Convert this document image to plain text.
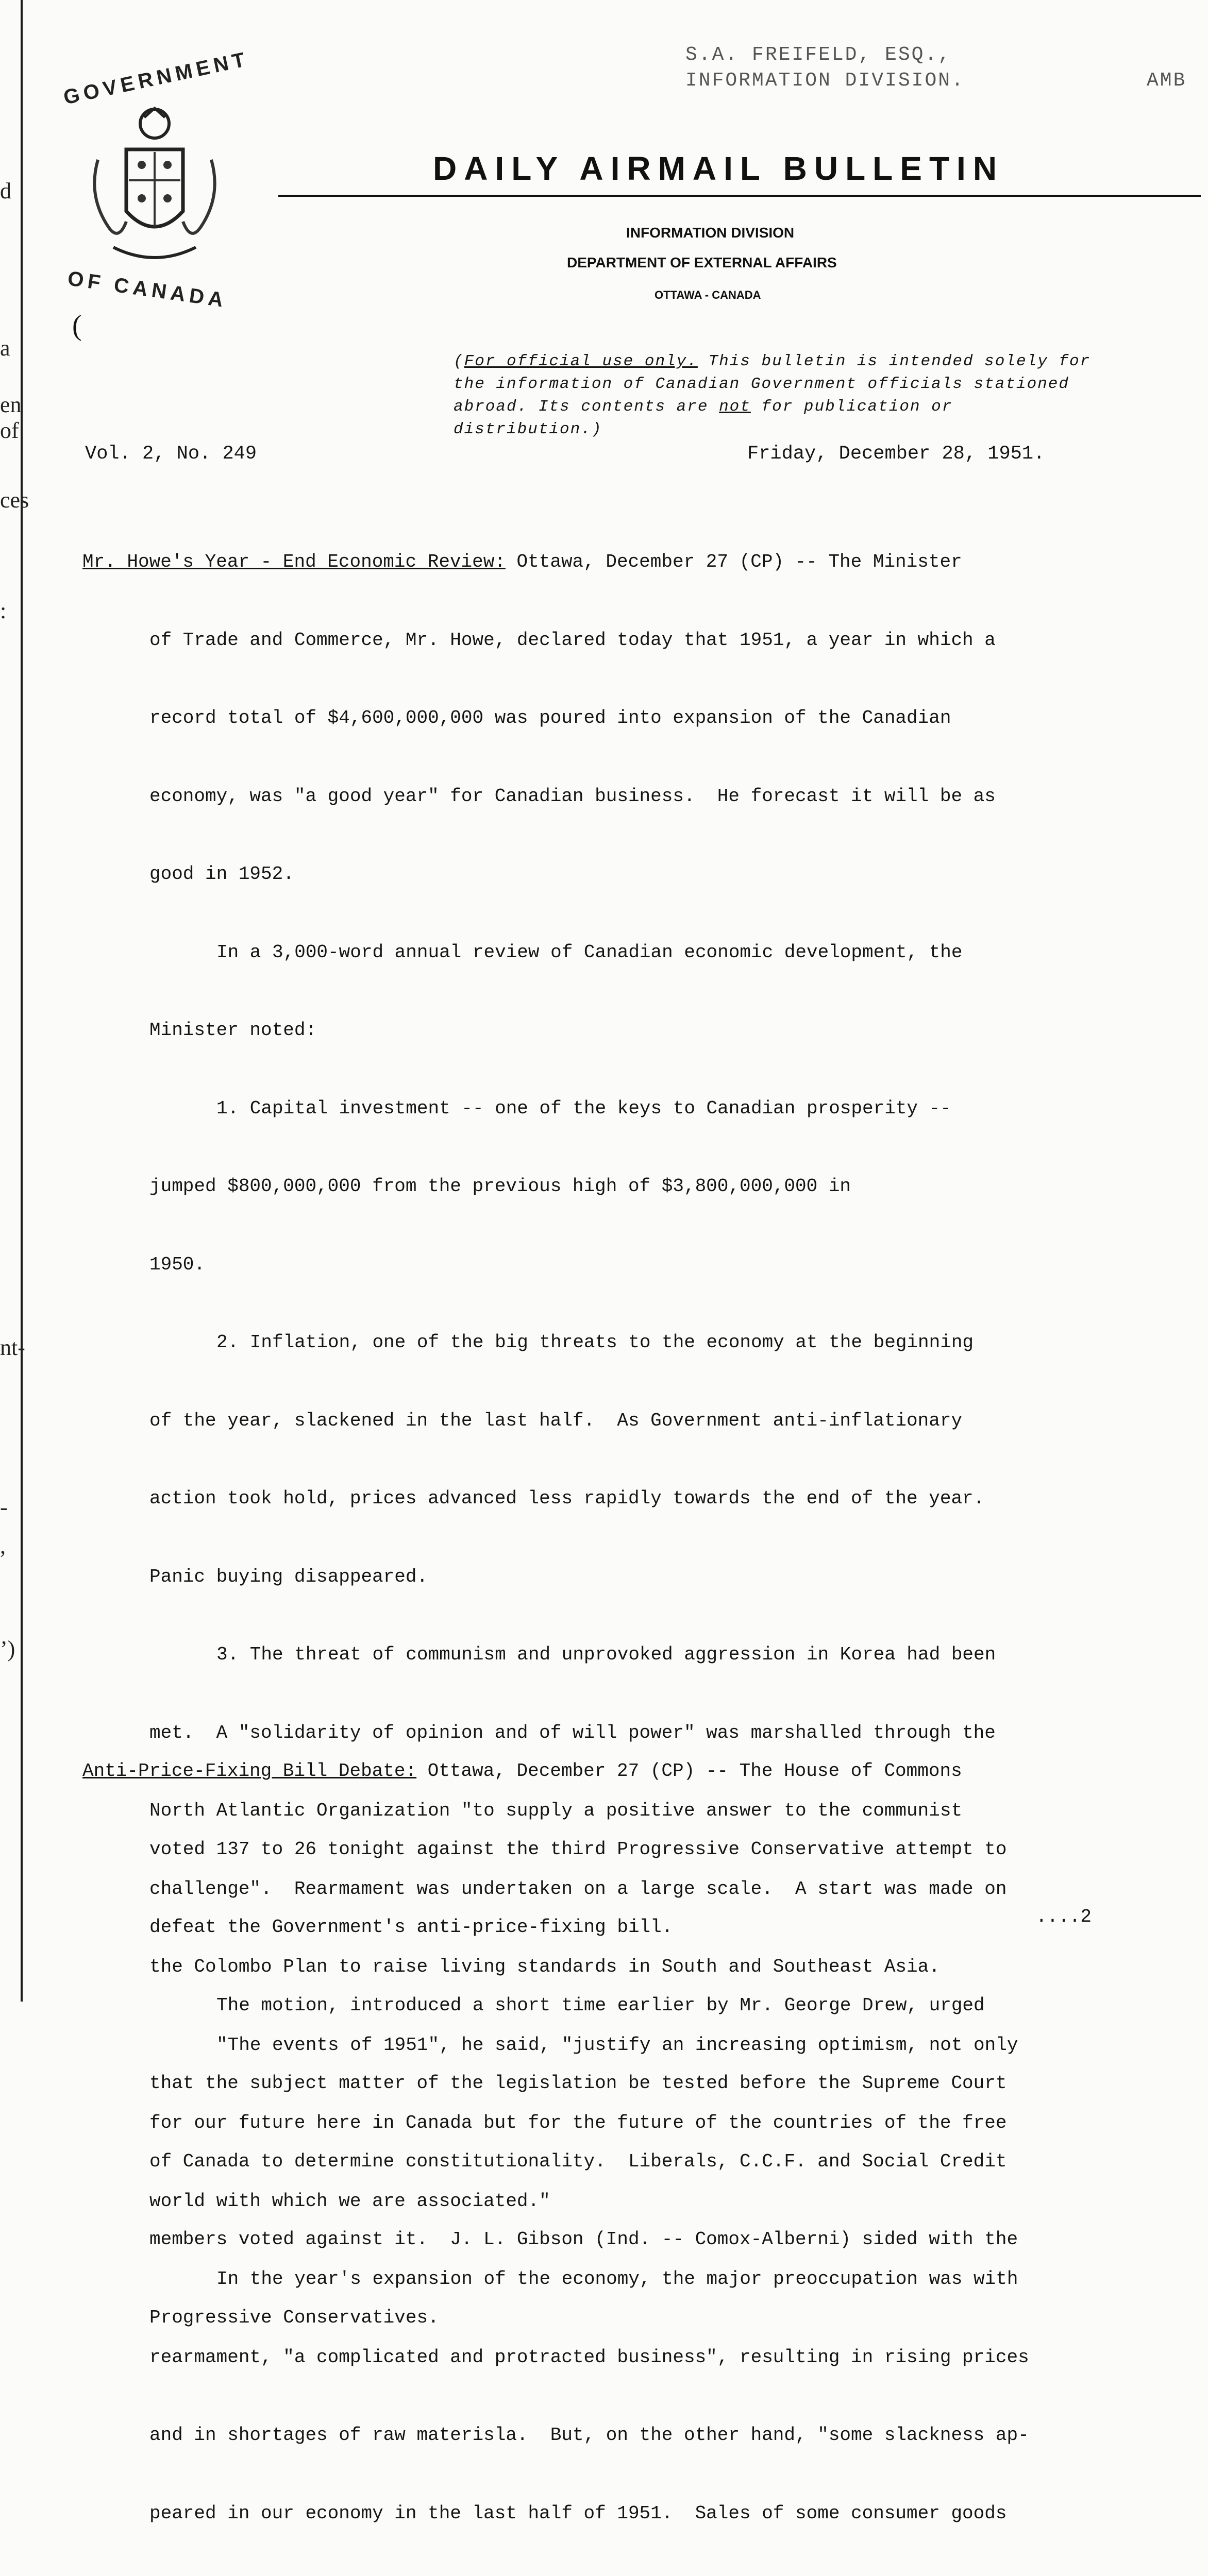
d
a
en
of
ces
:
nt-
-
,
’)
GOVERNMENT
OF CANADA
(
S.A. FREIFELD, ESQ.,
INFORMATION DIVISION.	AMB
DAILY AIRMAIL BULLETIN
INFORMATION DIVISION
DEPARTMENT OF EXTERNAL AFFAIRS
OTTAWA - CANADA
(For official use only. This bulletin is intended solely for the information of Canadian Government officials stationed abroad. Its contents are not for publication or distribution.)
Vol. 2, No. 249	Friday, December 28, 1951.

Mr. Howe's Year - End Economic Review: Ottawa, December 27 (CP) -- The Minister

of Trade and Commerce, Mr. Howe, declared today that 1951, a year in which a

record total of $4,600,000,000 was poured into expansion of the Canadian

economy, was "a good year" for Canadian business.  He forecast it will be as

good in 1952.

In a 3,000-word annual review of Canadian economic development, the

Minister noted:

1. Capital investment -- one of the keys to Canadian prosperity --

jumped $800,000,000 from the previous high of $3,800,000,000 in

1950.

2. Inflation, one of the big threats to the economy at the beginning

of the year, slackened in the last half.  As Government anti-inflationary

action took hold, prices advanced less rapidly towards the end of the year.

Panic buying disappeared.

3. The threat of communism and unprovoked aggression in Korea had been

met.  A "solidarity of opinion and of will power" was marshalled through the

North Atlantic Organization "to supply a positive answer to the communist

challenge".  Rearmament was undertaken on a large scale.  A start was made on

the Colombo Plan to raise living standards in South and Southeast Asia.

"The events of 1951", he said, "justify an increasing optimism, not only

for our future here in Canada but for the future of the countries of the free

world with which we are associated."

In the year's expansion of the economy, the major preoccupation was with

rearmament, "a complicated and protracted business", resulting in rising prices

and in shortages of raw materisla.  But, on the other hand, "some slackness ap-

peared in our economy in the last half of 1951.  Sales of some consumer goods

Anti-Price-Fixing Bill Debate: Ottawa, December 27 (CP) -- The House of Commons

voted 137 to 26 tonight against the third Progressive Conservative attempt to

defeat the Government's anti-price-fixing bill.

The motion, introduced a short time earlier by Mr. George Drew, urged

that the subject matter of the legislation be tested before the Supreme Court

of Canada to determine constitutionality.  Liberals, C.C.F. and Social Credit

members voted against it.  J. L. Gibson (Ind. -- Comox-Alberni) sided with the

Progressive Conservatives.

....2
